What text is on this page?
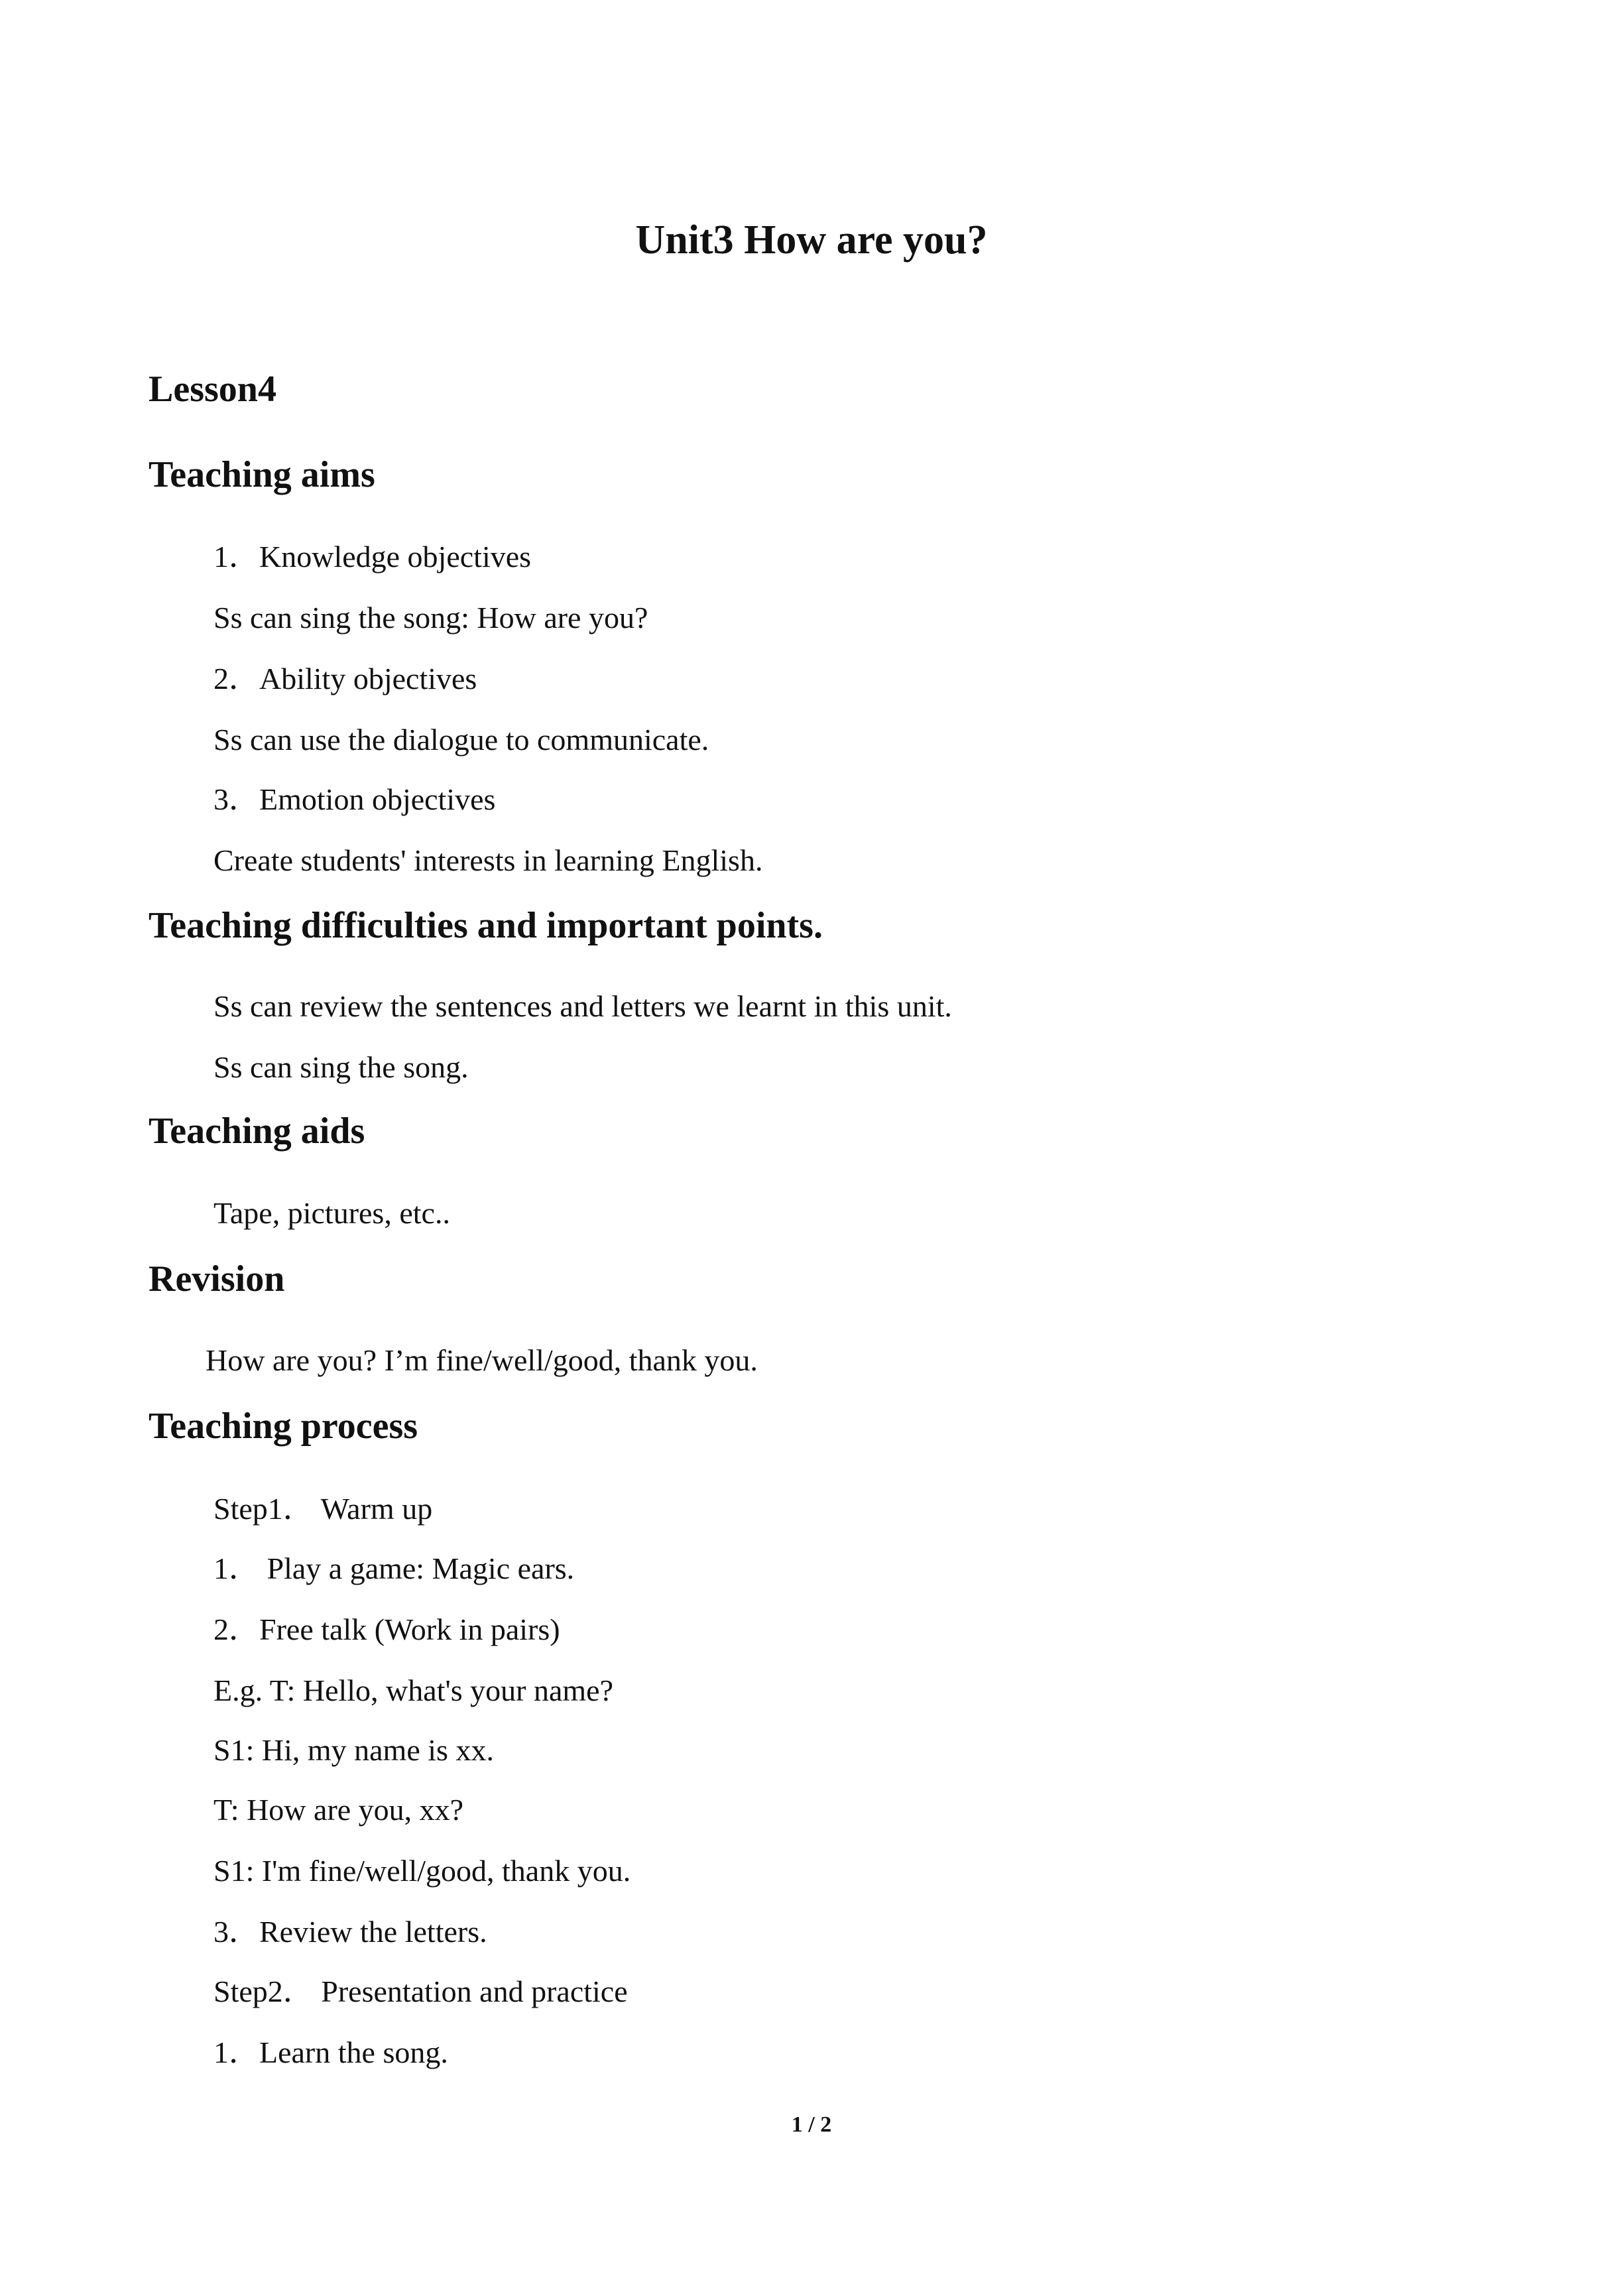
Unit3 How are you?
Lesson4
Teaching aims

1．Knowledge objectives

Ss can sing the song: How are you?

2．Ability objectives

Ss can use the dialogue to communicate.

3．Emotion objectives

Create students' interests in learning English.

Teaching difficulties and important points.

Ss can review the sentences and letters we learnt in this unit.

Ss can sing the song.

Teaching aids

Tape, pictures, etc..

Revision

How are you? I’m fine/well/good, thank you.

Teaching process

Step1． Warm up

1． Play a game: Magic ears.

2．Free talk (Work in pairs)

E.g. T: Hello, what's your name?

S1: Hi, my name is xx.

T: How are you, xx?

S1: I'm fine/well/good, thank you.

3．Review the letters.

Step2． Presentation and practice

1．Learn the song.

1 / 2
